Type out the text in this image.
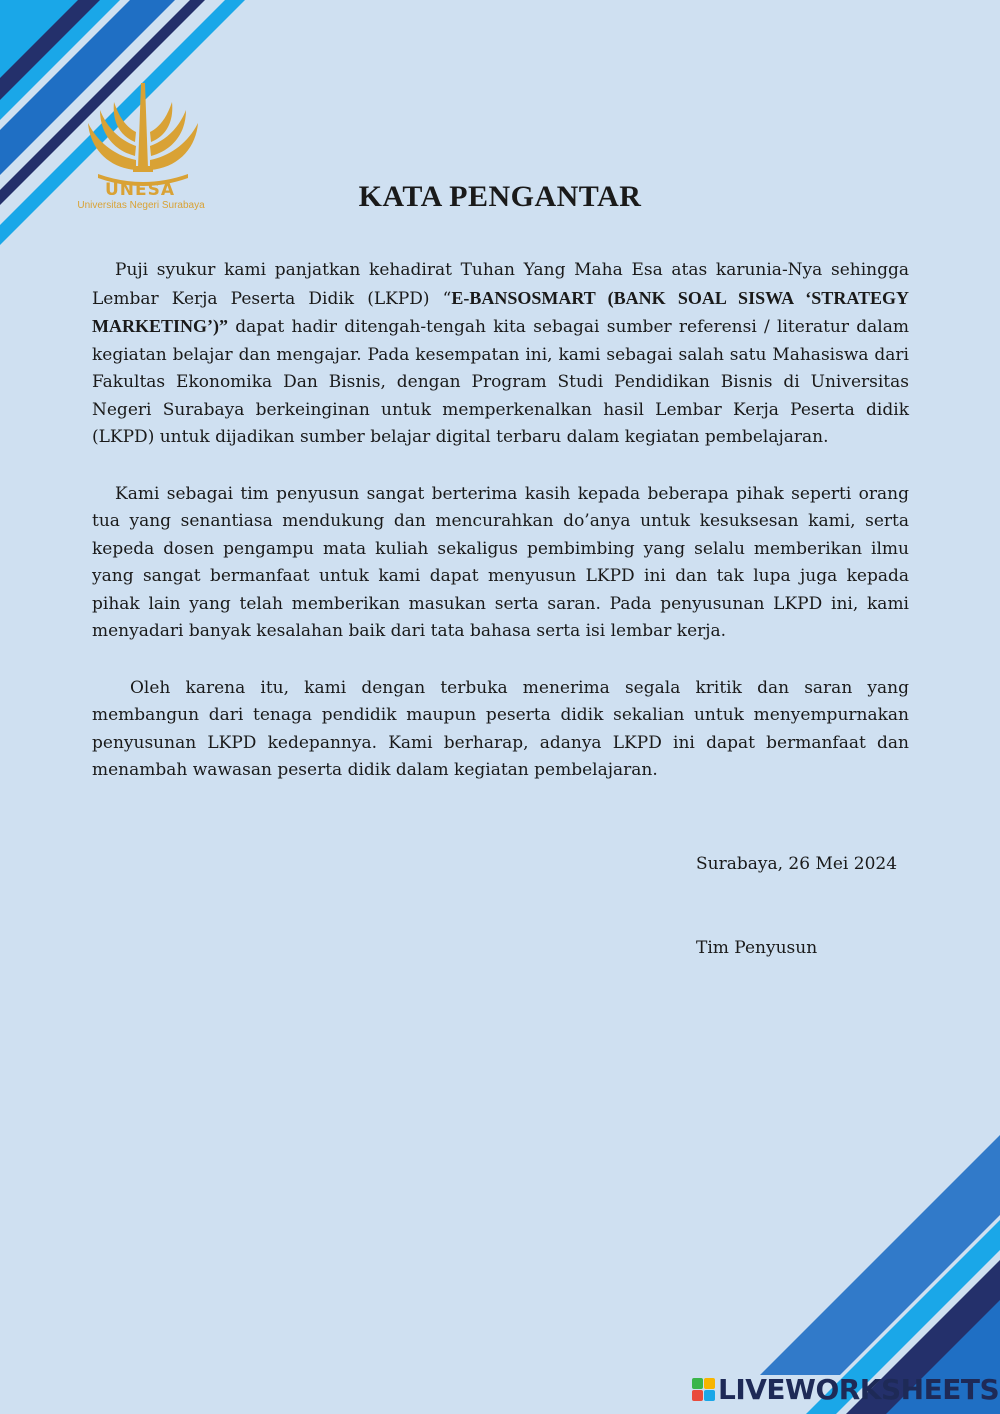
UNESA
Universitas Negeri Surabaya	KATA PENGANTAR

Puji syukur kami panjatkan kehadirat Tuhan Yang Maha Esa atas karunia-Nya sehingga Lembar Kerja Peserta Didik (LKPD) “E-BANSOSMART (BANK SOAL SISWA ‘STRATEGY MARKETING’)” dapat hadir ditengah-tengah kita sebagai sumber referensi / literatur dalam kegiatan belajar dan mengajar. Pada kesempatan ini, kami sebagai salah satu Mahasiswa dari Fakultas Ekonomika Dan Bisnis, dengan Program Studi Pendidikan Bisnis di Universitas Negeri Surabaya berkeinginan untuk memperkenalkan hasil Lembar Kerja Peserta didik (LKPD) untuk dijadikan sumber belajar digital terbaru dalam kegiatan pembelajaran.

Kami sebagai tim penyusun sangat berterima kasih kepada beberapa pihak seperti orang tua yang senantiasa mendukung dan mencurahkan do’anya untuk kesuksesan kami, serta kepeda dosen pengampu mata kuliah sekaligus pembimbing yang selalu memberikan ilmu yang sangat bermanfaat untuk kami dapat menyusun LKPD ini dan tak lupa juga kepada pihak lain yang telah memberikan masukan serta saran. Pada penyusunan LKPD ini, kami menyadari banyak kesalahan baik dari tata bahasa serta isi lembar kerja.

Oleh karena itu, kami dengan terbuka menerima segala kritik dan saran yang membangun dari tenaga pendidik maupun peserta didik sekalian untuk menyempurnakan penyusunan LKPD kedepannya. Kami berharap, adanya LKPD ini dapat bermanfaat dan menambah wawasan peserta didik dalam kegiatan pembelajaran.

Surabaya, 26 Mei 2024
Tim Penyusun
LIVEWORKSHEETS
